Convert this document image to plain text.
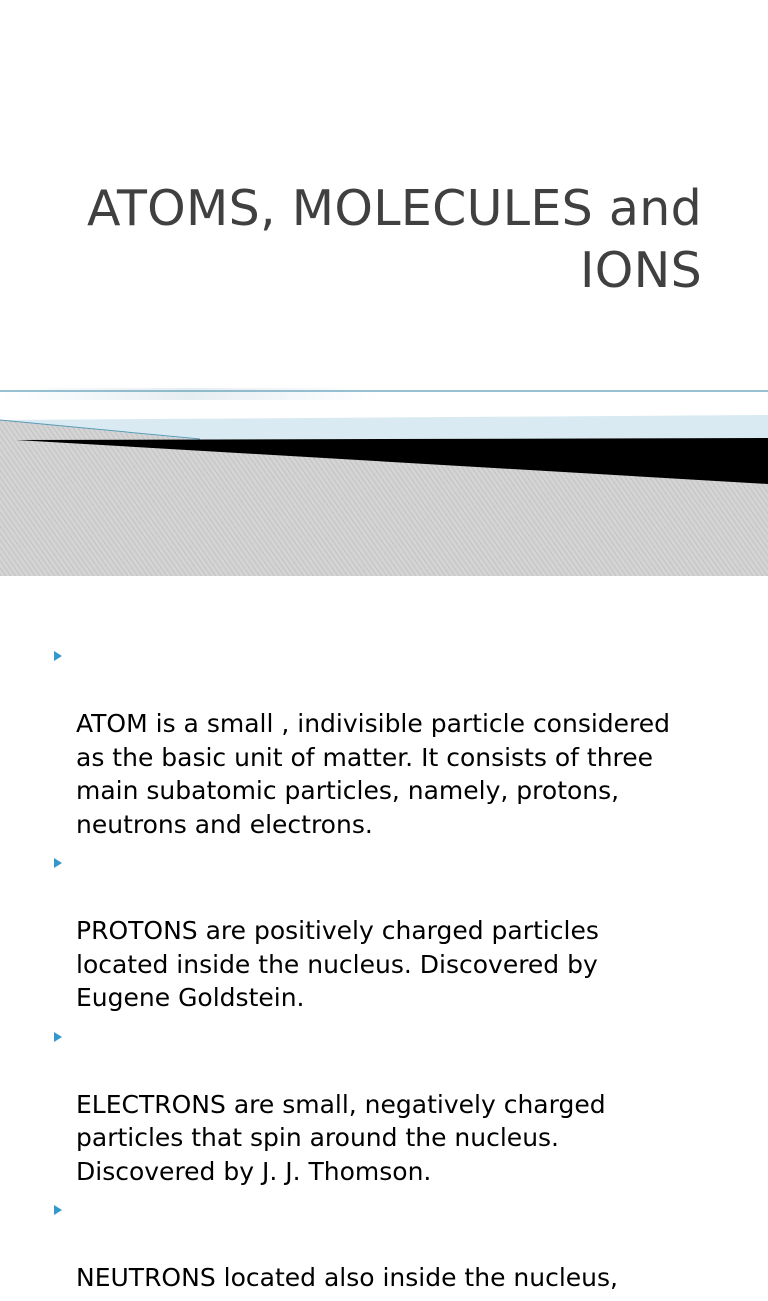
ATOMS, MOLECULES and
IONS

ATOM is a small , indivisible particle considered
as the basic unit of matter. It consists of three
main subatomic particles, namely, protons,
neutrons and electrons.

PROTONS are positively charged particles
located inside the nucleus. Discovered by
Eugene Goldstein.

ELECTRONS are small, negatively charged
particles that spin around the nucleus.
Discovered by J. J. Thomson.

NEUTRONS located also inside the nucleus,
